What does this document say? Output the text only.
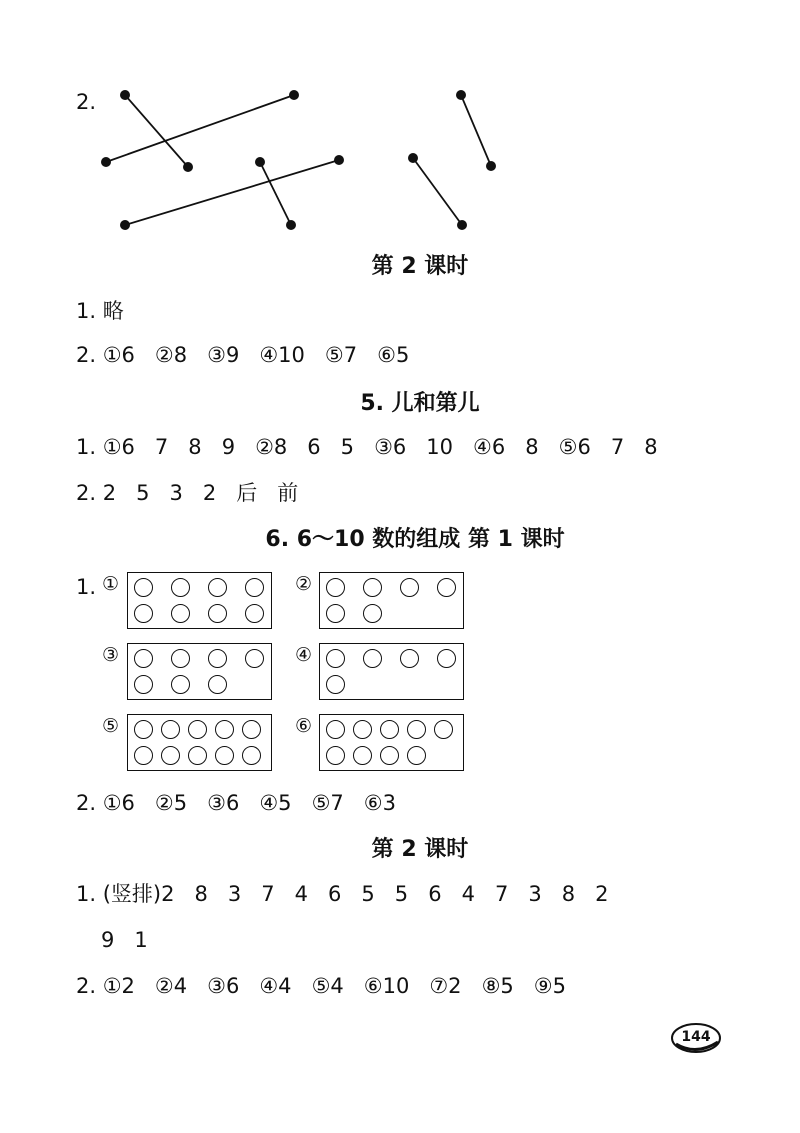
2.
第 2 课时
1. 略
2. ①6   ②8   ③9   ④10   ⑤7   ⑥5
5. 儿和第儿
1. ①6   7   8   9   ②8   6   5   ③6   10   ④6   8   ⑤6   7   8
2. 2   5   3   2   后   前
6. 6～10 数的组成 第 1 课时
1. ①	②
③	④
⑤	⑥
2. ①6   ②5   ③6   ④5   ⑤7   ⑥3
第 2 课时
1. (竖排)2   8   3   7   4   6   5   5   6   4   7   3   8   2
9   1
2. ①2   ②4   ③6   ④4   ⑤4   ⑥10   ⑦2   ⑧5   ⑨5
144
